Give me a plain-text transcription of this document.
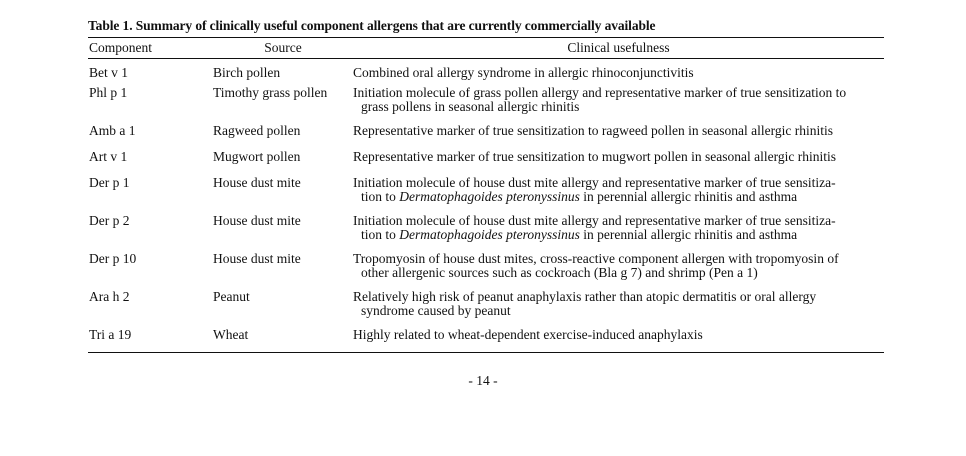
Table 1. Summary of clinically useful component allergens that are currently commercially available
Component	Source	Clinical usefulness
Bet v 1	Birch pollen	Combined oral allergy syndrome in allergic rhinoconjunctivitis
Phl p 1	Timothy grass pollen	Initiation molecule of grass pollen allergy and representative marker of true sensitization to
grass pollens in seasonal allergic rhinitis

Amb a 1	Ragweed pollen	Representative marker of true sensitization to ragweed pollen in seasonal allergic rhinitis
Art v 1	Mugwort pollen	Representative marker of true sensitization to mugwort pollen in seasonal allergic rhinitis
Der p 1	House dust mite	Initiation molecule of house dust mite allergy and representative marker of true sensitiza-
tion to Dermatophagoides pteronyssinus in perennial allergic rhinitis and asthma

Der p 2	House dust mite	Initiation molecule of house dust mite allergy and representative marker of true sensitiza-
tion to Dermatophagoides pteronyssinus in perennial allergic rhinitis and asthma

Der p 10	House dust mite	Tropomyosin of house dust mites, cross-reactive component allergen with tropomyosin of
other allergenic sources such as cockroach (Bla g 7) and shrimp (Pen a 1)

Ara h 2	Peanut	Relatively high risk of peanut anaphylaxis rather than atopic dermatitis or oral allergy
syndrome caused by peanut

Tri a 19	Wheat	Highly related to wheat-dependent exercise-induced anaphylaxis
- 14 -
